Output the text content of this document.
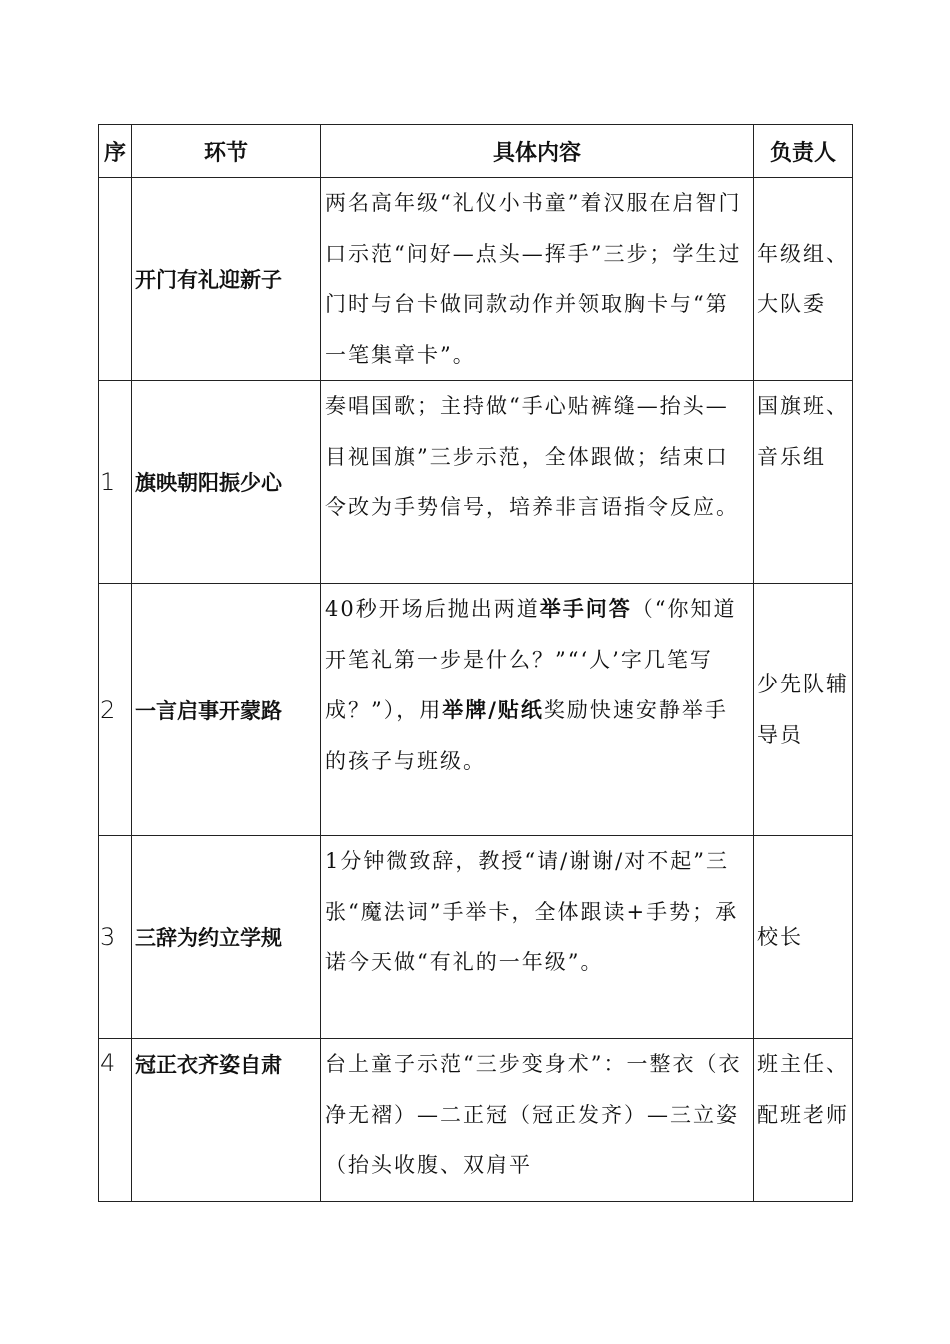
序	环节	具体内容	负责人
	开门有礼迎新子	两名高年级“礼仪小书童”着汉服在启智门口示范“问好—点头—挥手”三步；学生过门时与台卡做同款动作并领取胸卡与“第一笔集章卡”。	年级组、大队委
1	旗映朝阳振少心	奏唱国歌；主持做“手心贴裤缝—抬头—目视国旗”三步示范，全体跟做；结束口令改为手势信号，培养非言语指令反应。	国旗班、音乐组
2	一言启事开蒙路	40秒开场后抛出两道举手问答（“你知道开笔礼第一步是什么？”“‘人’字几笔写成？”），用举牌/贴纸奖励快速安静举手的孩子与班级。	少先队辅导员
3	三辞为约立学规	1分钟微致辞，教授“请/谢谢/对不起”三张“魔法词”手举卡，全体跟读+手势；承诺今天做“有礼的一年级”。	校长
4	冠正衣齐姿自肃	台上童子示范“三步变身术”：一整衣（衣净无褶）—二正冠（冠正发齐）—三立姿（抬头收腹、双肩平	班主任、配班老师
